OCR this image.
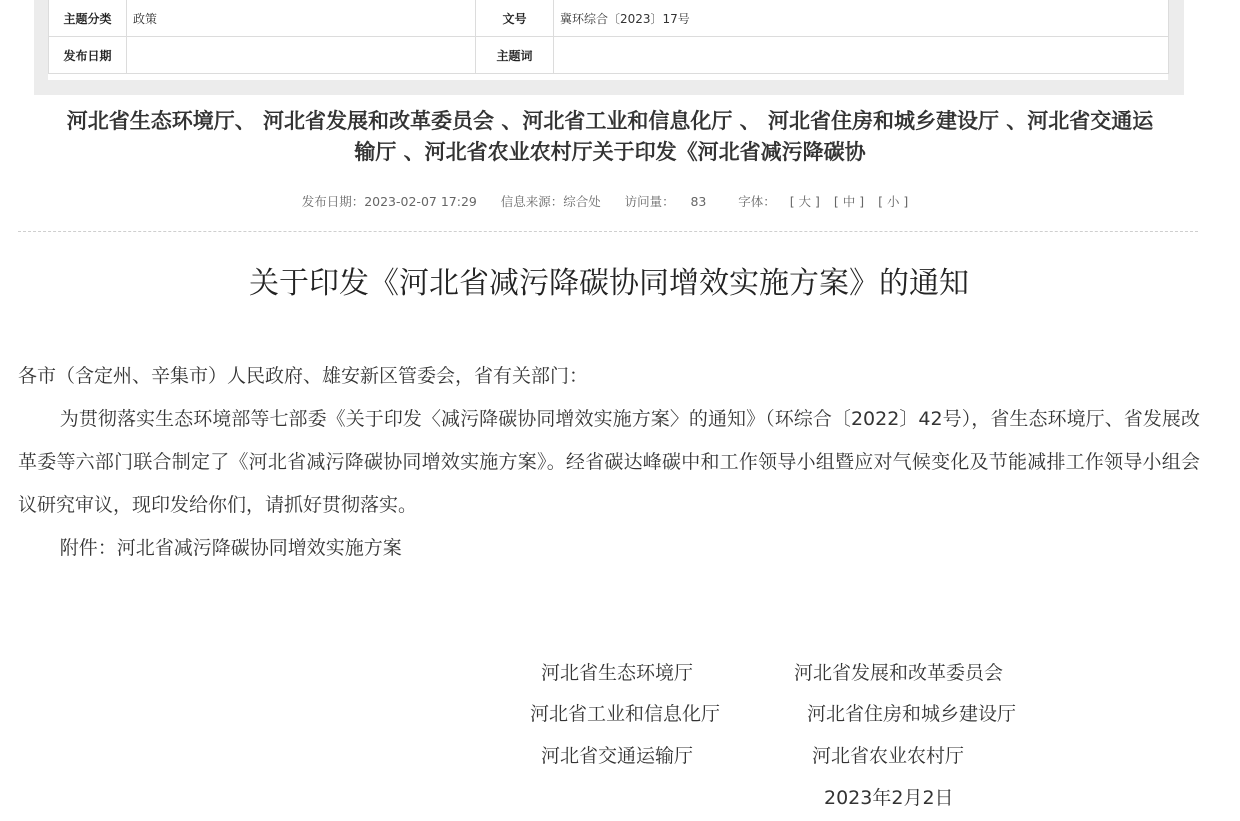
主题分类	政策	文号	冀环综合〔2023〕17号
发布日期		主题词	
河北省生态环境厅、 河北省发展和改革委员会 、河北省工业和信息化厅 、 河北省住房和城乡建设厅 、河北省交通运
输厅 、河北省农业农村厅关于印发《河北省减污降碳协
发布日期：2023-02-07 17:29 信息来源：综合处 访问量： 83	字体： [ 大 ] [ 中 ] [ 小 ]
关于印发《河北省减污降碳协同增效实施方案》的通知

各市（含定州、辛集市）人民政府、雄安新区管委会，省有关部门：

为贯彻落实生态环境部等七部委《关于印发〈减污降碳协同增效实施方案〉的通知》（环综合〔2022〕42号），省生态环境厅、省发展改革委等六部门联合制定了《河北省减污降碳协同增效实施方案》。经省碳达峰碳中和工作领导小组暨应对气候变化及节能减排工作领导小组会议研究审议，现印发给你们，请抓好贯彻落实。

附件：河北省减污降碳协同增效实施方案

河北省生态环境厅	河北省发展和改革委员会
河北省工业和信息化厅	河北省住房和城乡建设厅
河北省交通运输厅	河北省农业农村厅
2023年2月2日
